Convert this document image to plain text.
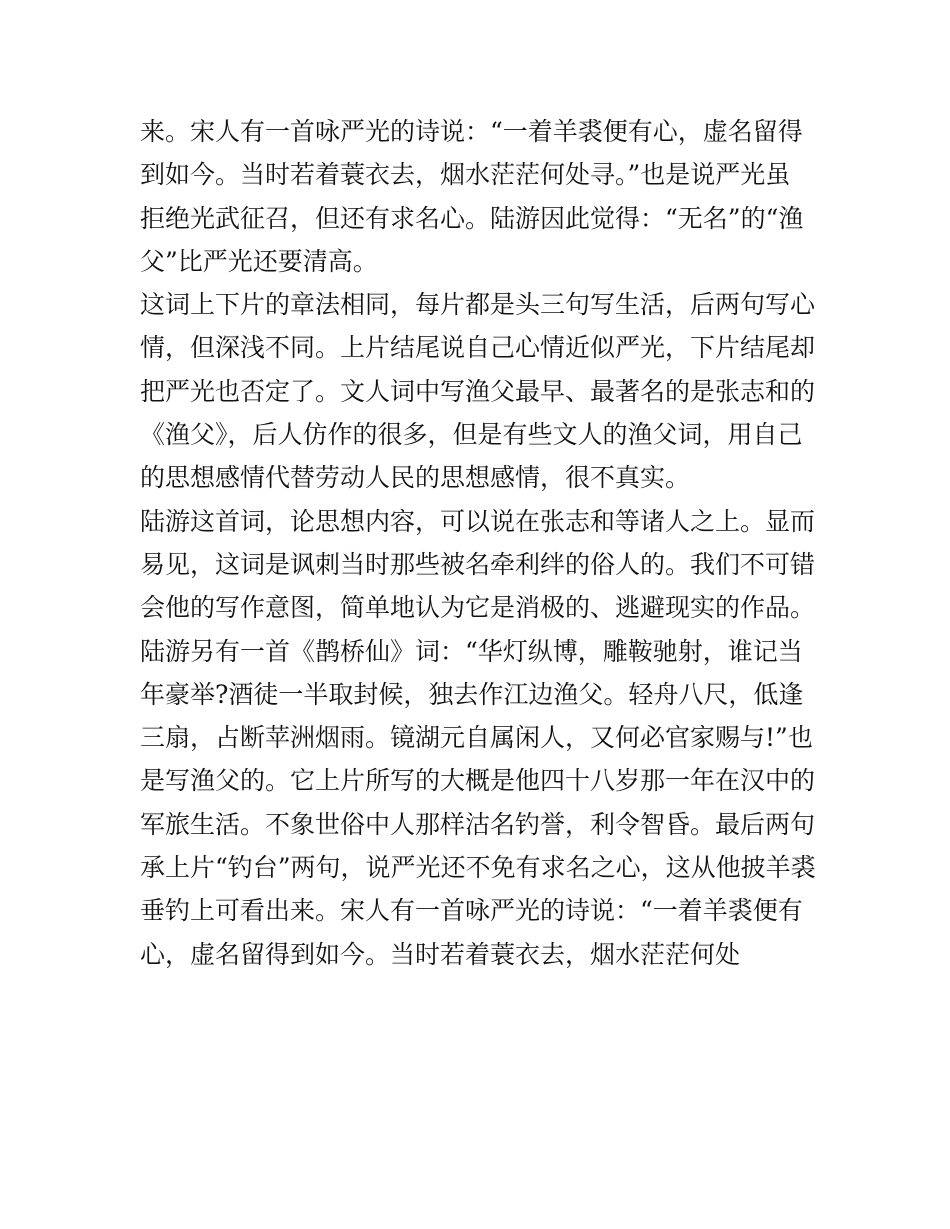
来。宋人有一首咏严光的诗说：“一着羊裘便有心，虚名留得
到如今。当时若着蓑衣去，烟水茫茫何处寻。”也是说严光虽
拒绝光武征召，但还有求名心。陆游因此觉得：“无名”的“渔
父”比严光还要清高。
这词上下片的章法相同，每片都是头三句写生活，后两句写心
情，但深浅不同。上片结尾说自己心情近似严光，下片结尾却
把严光也否定了。文人词中写渔父最早、最著名的是张志和的
《渔父》，后人仿作的很多，但是有些文人的渔父词，用自己
的思想感情代替劳动人民的思想感情，很不真实。
陆游这首词，论思想内容，可以说在张志和等诸人之上。显而
易见，这词是讽刺当时那些被名牵利绊的俗人的。我们不可错
会他的写作意图，简单地认为它是消极的、逃避现实的作品。
陆游另有一首《鹊桥仙》词：“华灯纵博，雕鞍驰射，谁记当
年豪举?酒徒一半取封候，独去作江边渔父。轻舟八尺，低逢
三扇，占断苹洲烟雨。镜湖元自属闲人，又何必官家赐与!”也
是写渔父的。它上片所写的大概是他四十八岁那一年在汉中的
军旅生活。不象世俗中人那样沽名钓誉，利令智昏。最后两句
承上片“钓台”两句，说严光还不免有求名之心，这从他披羊裘
垂钓上可看出来。宋人有一首咏严光的诗说：“一着羊裘便有
心，虚名留得到如今。当时若着蓑衣去，烟水茫茫何处
